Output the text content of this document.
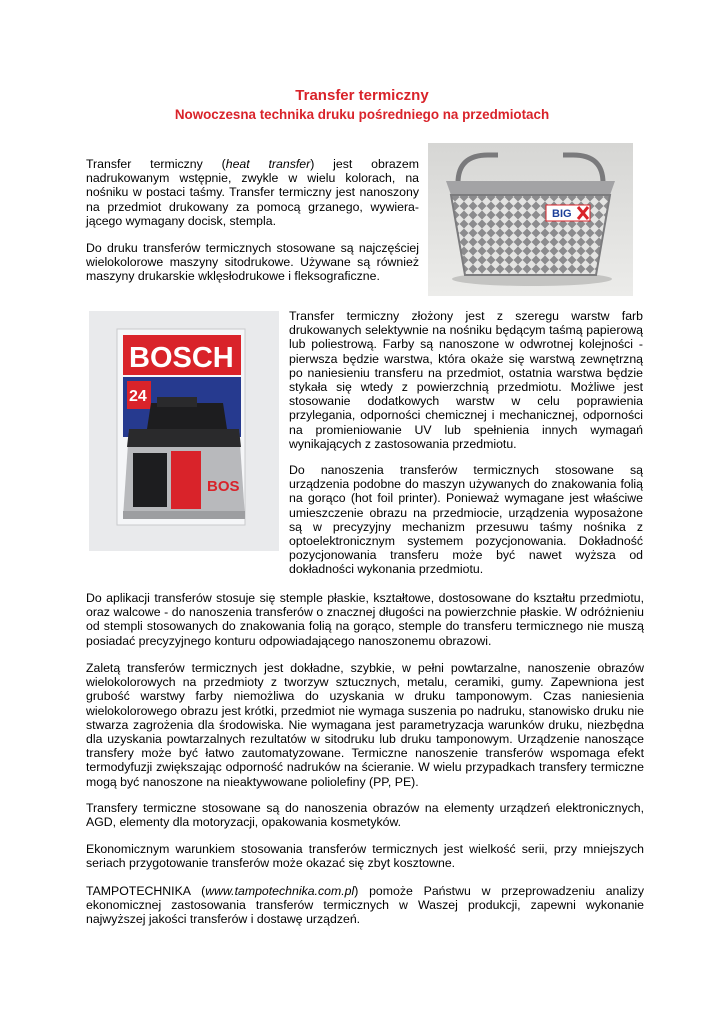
Transfer termiczny
Nowoczesna technika druku pośredniego na przedmiotach

Transfer termiczny (heat transfer) jest obrazem nadrukowanym wstępnie, zwykle w wielu kolorach, na nośniku w postaci taśmy. Transfer termiczny jest nanoszony na przedmiot drukowany za pomocą grzanego, wywiera-jącego wymagany docisk, stempla.

Do druku transferów termicznych stosowane są najczęściej wielokolorowe maszyny sitodrukowe. Używane są również maszyny drukarskie wklęsłodrukowe i fleksograficzne.

BIG
BOSCH
24
BOS

Transfer termiczny złożony jest z szeregu warstw farb drukowanych selektywnie na nośniku będącym taśmą papierową lub poliestrową. Farby są nanoszone w odwrotnej kolejności - pierwsza będzie warstwa, która okaże się warstwą zewnętrzną po naniesieniu transferu na przedmiot, ostatnia warstwa będzie stykała się wtedy z powierzchnią przedmiotu. Możliwe jest stosowanie dodatkowych warstw w celu poprawienia przylegania, odporności chemicznej i mechanicznej, odporności na promieniowanie UV lub spełnienia innych wymagań wynikających z zastosowania przedmiotu.

Do nanoszenia transferów termicznych stosowane są urządzenia podobne do maszyn używanych do znakowania folią na gorąco (hot foil printer). Ponieważ wymagane jest właściwe umieszczenie obrazu na przedmiocie, urządzenia wyposażone są w precyzyjny mechanizm przesuwu taśmy nośnika z optoelektronicznym systemem pozycjonowania. Dokładność pozycjonowania transferu może być nawet wyższa od dokładności wykonania przedmiotu.

Do aplikacji transferów stosuje się stemple płaskie, kształtowe, dostosowane do kształtu przedmiotu, oraz walcowe - do nanoszenia transferów o znacznej długości na powierzchnie płaskie. W odróżnieniu od stempli stosowanych do znakowania folią na gorąco, stemple do transferu termicznego nie muszą posiadać precyzyjnego konturu odpowiadającego nanoszonemu obrazowi.

Zaletą transferów termicznych jest dokładne, szybkie, w pełni powtarzalne, nanoszenie obrazów wielokolorowych na przedmioty z tworzyw sztucznych, metalu, ceramiki, gumy. Zapewniona jest grubość warstwy farby niemożliwa do uzyskania w druku tamponowym. Czas naniesienia wielokolorowego obrazu jest krótki, przedmiot nie wymaga suszenia po nadruku, stanowisko druku nie stwarza zagrożenia dla środowiska. Nie wymagana jest parametryzacja warunków druku, niezbędna dla uzyskania powtarzalnych rezultatów w sitodruku lub druku tamponowym. Urządzenie nanoszące transfery może być łatwo zautomatyzowane. Termiczne nanoszenie transferów wspomaga efekt termodyfuzji zwiększając odporność nadruków na ścieranie. W wielu przypadkach transfery termiczne mogą być nanoszone na nieaktywowane poliolefiny (PP, PE).

Transfery termiczne stosowane są do nanoszenia obrazów na elementy urządzeń elektronicznych, AGD, elementy dla motoryzacji, opakowania kosmetyków.

Ekonomicznym warunkiem stosowania transferów termicznych jest wielkość serii, przy mniejszych seriach przygotowanie transferów może okazać się zbyt kosztowne.

TAMPOTECHNIKA (www.tampotechnika.com.pl) pomoże Państwu w przeprowadzeniu analizy ekonomicznej zastosowania transferów termicznych w Waszej produkcji, zapewni wykonanie najwyższej jakości transferów i dostawę urządzeń.
